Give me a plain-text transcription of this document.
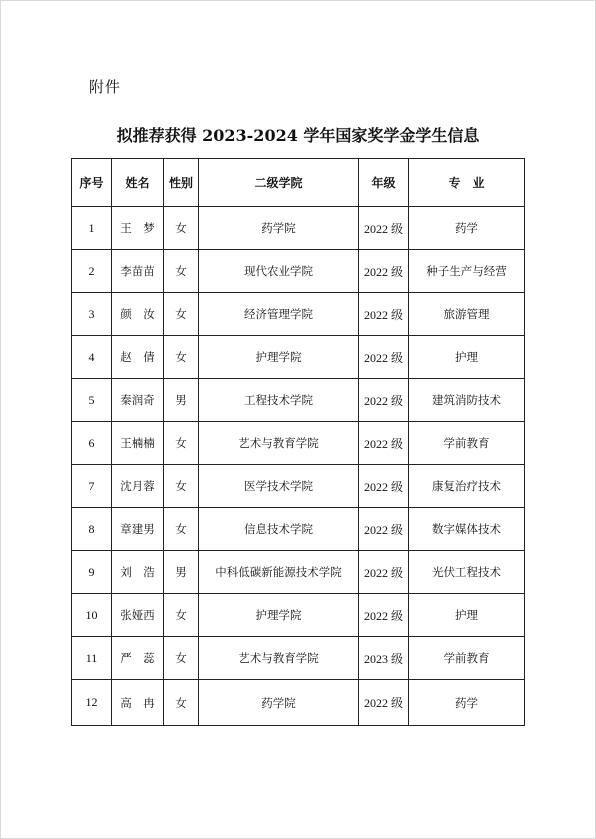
附件
拟推荐获得 2023-2024 学年国家奖学金学生信息
序号	姓名	性别	二级学院	年级	专　业
1	王　梦	女	药学院	2022 级	药学
2	李苗苗	女	现代农业学院	2022 级	种子生产与经营
3	颜　汝	女	经济管理学院	2022 级	旅游管理
4	赵　倩	女	护理学院	2022 级	护理
5	秦润奇	男	工程技术学院	2022 级	建筑消防技术
6	王楠楠	女	艺术与教育学院	2022 级	学前教育
7	沈月蓉	女	医学技术学院	2022 级	康复治疗技术
8	章建男	女	信息技术学院	2022 级	数字媒体技术
9	刘　浩	男	中科低碳新能源技术学院	2022 级	光伏工程技术
10	张娅西	女	护理学院	2022 级	护理
11	严　蕊	女	艺术与教育学院	2023 级	学前教育
12	高　冉	女	药学院	2022 级	药学
